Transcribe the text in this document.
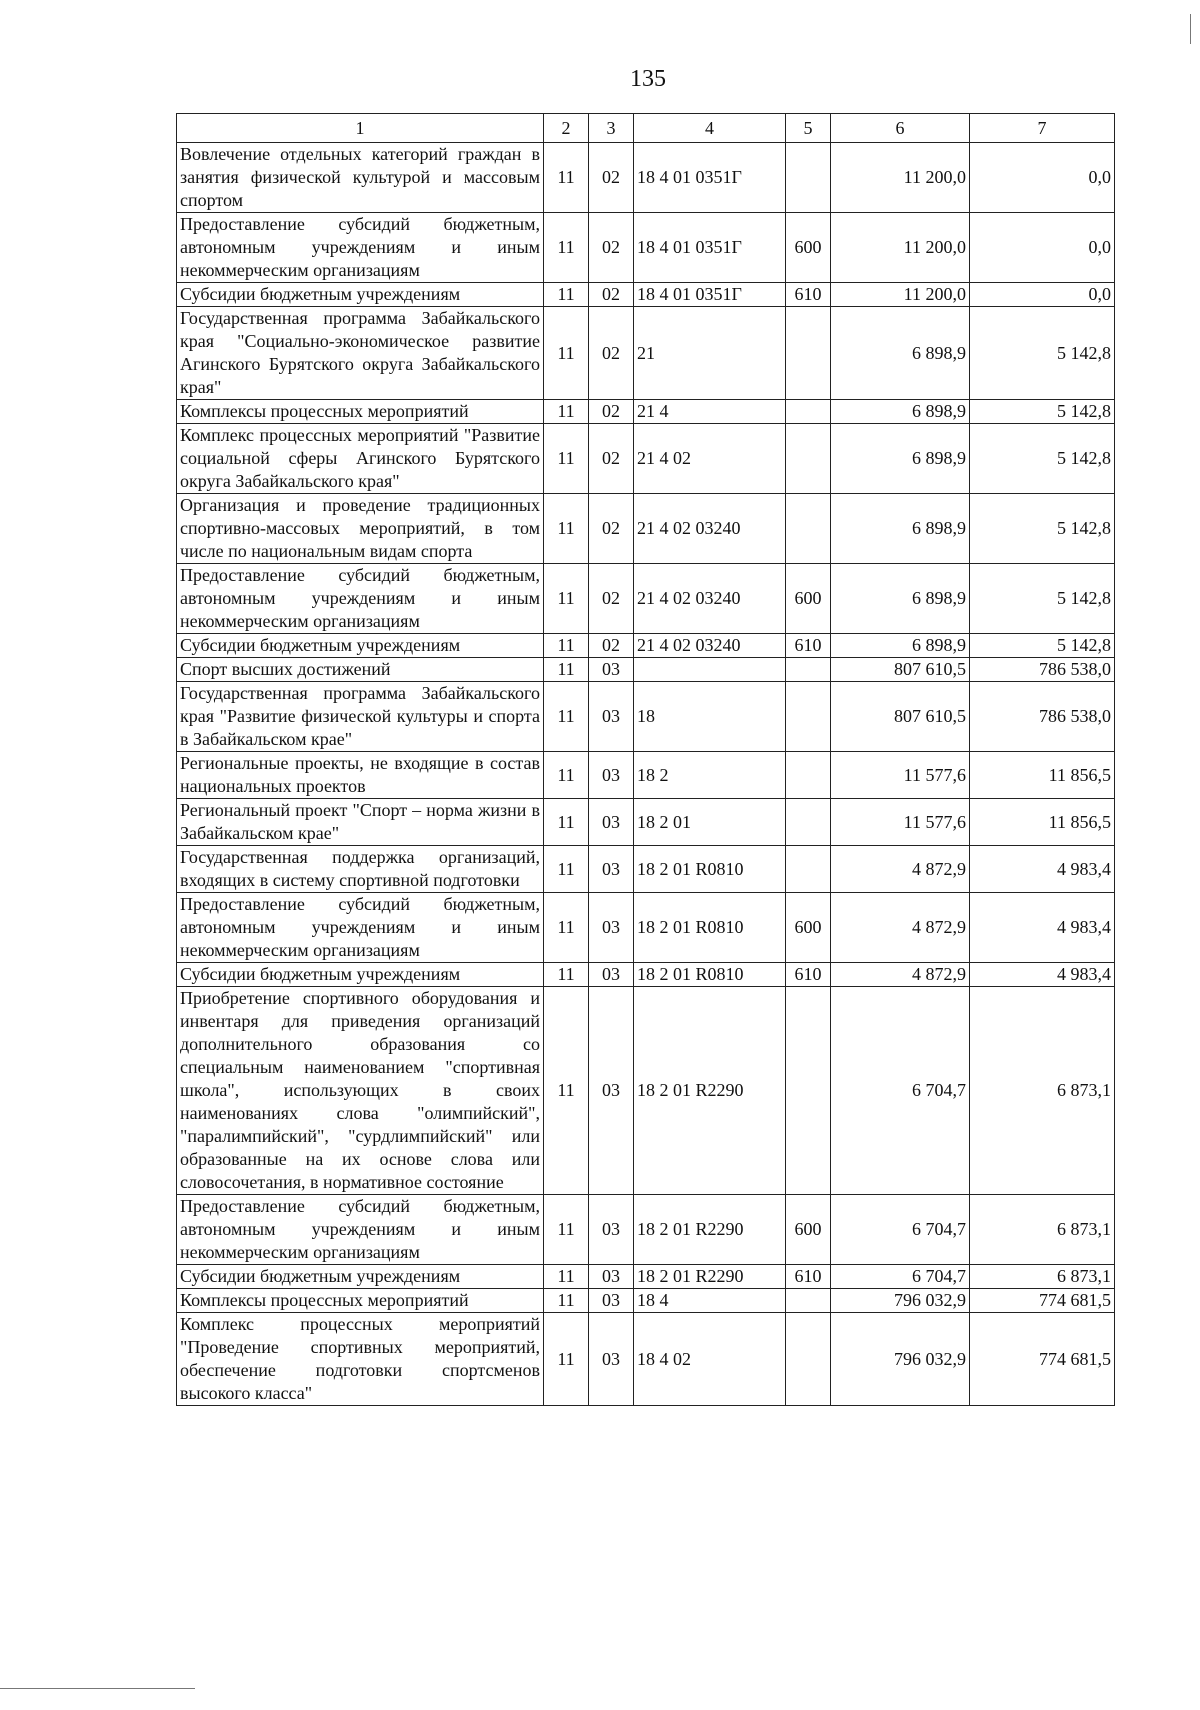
135
1	2	3	4	5	6	7
Вовлечение отдельных категорий граждан в занятия физической культурой и массовым спортом	11	02	18 4 01 0351Г		11 200,0	0,0
Предоставление субсидий бюджетным, автономным учреждениям и иным некоммерческим организациям	11	02	18 4 01 0351Г	600	11 200,0	0,0
Субсидии бюджетным учреждениям	11	02	18 4 01 0351Г	610	11 200,0	0,0
Государственная программа Забайкальского края "Социально-экономическое развитие Агинского Бурятского округа Забайкальского края"	11	02	21		6 898,9	5 142,8
Комплексы процессных мероприятий	11	02	21 4		6 898,9	5 142,8
Комплекс процессных мероприятий "Развитие социальной сферы Агинского Бурятского округа Забайкальского края"	11	02	21 4 02		6 898,9	5 142,8
Организация и проведение традиционных спортивно-массовых мероприятий, в том числе по национальным видам спорта	11	02	21 4 02 03240		6 898,9	5 142,8
Предоставление субсидий бюджетным, автономным учреждениям и иным некоммерческим организациям	11	02	21 4 02 03240	600	6 898,9	5 142,8
Субсидии бюджетным учреждениям	11	02	21 4 02 03240	610	6 898,9	5 142,8
Спорт высших достижений	11	03			807 610,5	786 538,0
Государственная программа Забайкальского края "Развитие физической культуры и спорта в Забайкальском крае"	11	03	18		807 610,5	786 538,0
Региональные проекты, не входящие в состав национальных проектов	11	03	18 2		11 577,6	11 856,5
Региональный проект "Спорт – норма жизни в Забайкальском крае"	11	03	18 2 01		11 577,6	11 856,5
Государственная поддержка организаций, входящих в систему спортивной подготовки	11	03	18 2 01 R0810		4 872,9	4 983,4
Предоставление субсидий бюджетным, автономным учреждениям и иным некоммерческим организациям	11	03	18 2 01 R0810	600	4 872,9	4 983,4
Субсидии бюджетным учреждениям	11	03	18 2 01 R0810	610	4 872,9	4 983,4
Приобретение спортивного оборудования и инвентаря для приведения организаций дополнительного образования со специальным наименованием "спортивная школа", использующих в своих наименованиях слова "олимпийский", "паралимпийский", "сурдлимпийский" или образованные на их основе слова или словосочетания, в нормативное состояние	11	03	18 2 01 R2290		6 704,7	6 873,1
Предоставление субсидий бюджетным, автономным учреждениям и иным некоммерческим организациям	11	03	18 2 01 R2290	600	6 704,7	6 873,1
Субсидии бюджетным учреждениям	11	03	18 2 01 R2290	610	6 704,7	6 873,1
Комплексы процессных мероприятий	11	03	18 4		796 032,9	774 681,5
Комплекс процессных мероприятий "Проведение спортивных мероприятий, обеспечение подготовки спортсменов высокого класса"	11	03	18 4 02		796 032,9	774 681,5
